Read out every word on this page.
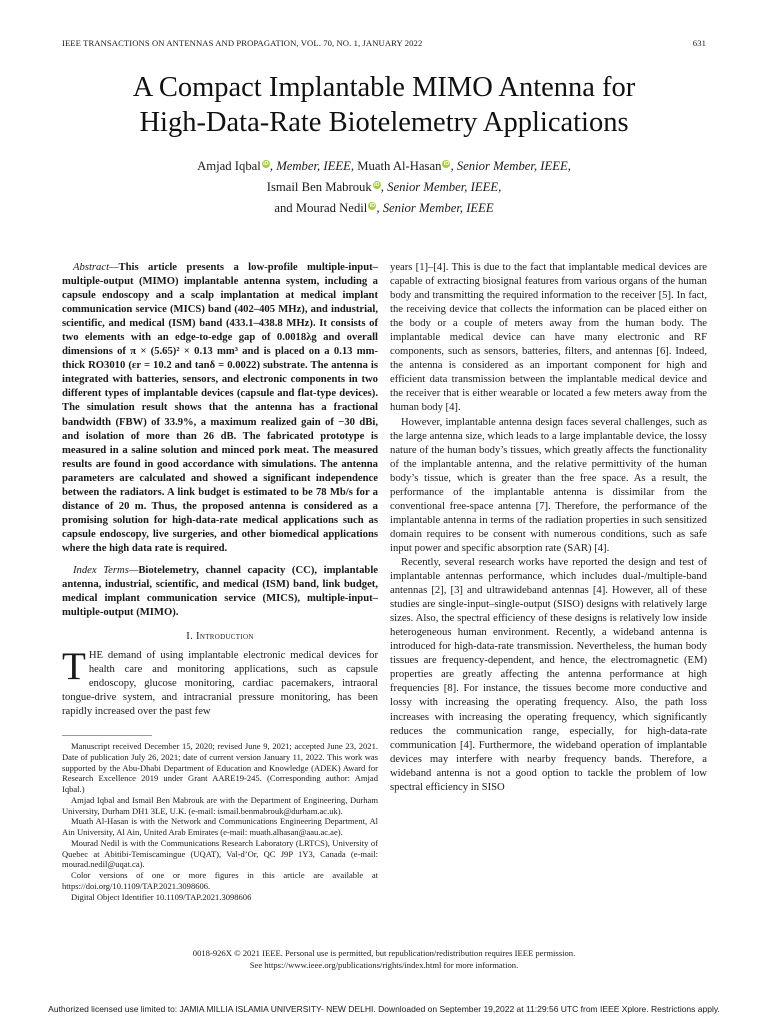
IEEE TRANSACTIONS ON ANTENNAS AND PROPAGATION, VOL. 70, NO. 1, JANUARY 2022	631
A Compact Implantable MIMO Antenna for
High-Data-Rate Biotelemetry Applications
Amjad Iqbal iD, Member, IEEE, Muath Al-Hasan iD, Senior Member, IEEE,
Ismail Ben Mabrouk iD, Senior Member, IEEE,
and Mourad Nedil iD, Senior Member, IEEE

Abstract—This article presents a low-profile multiple-input–multiple-output (MIMO) implantable antenna system, including a capsule endoscopy and a scalp implantation at medical implant communication service (MICS) band (402–405 MHz), and industrial, scientific, and medical (ISM) band (433.1–438.8 MHz). It consists of two elements with an edge-to-edge gap of 0.0018λg and overall dimensions of π × (5.65)² × 0.13 mm³ and is placed on a 0.13 mm-thick RO3010 (εr = 10.2 and tanδ = 0.0022) substrate. The antenna is integrated with batteries, sensors, and electronic components in two different types of implantable devices (capsule and flat-type devices). The simulation result shows that the antenna has a fractional bandwidth (FBW) of 33.9%, a maximum realized gain of −30 dBi, and isolation of more than 26 dB. The fabricated prototype is measured in a saline solution and minced pork meat. The measured results are found in good accordance with simulations. The antenna parameters are calculated and showed a significant independence between the radiators. A link budget is estimated to be 78 Mb/s for a distance of 20 m. Thus, the proposed antenna is considered as a promising solution for high-data-rate medical applications such as capsule endoscopy, live surgeries, and other biomedical applications where the high data rate is required.

Index Terms—Biotelemetry, channel capacity (CC), implantable antenna, industrial, scientific, and medical (ISM) band, link budget, medical implant communication service (MICS), multiple-input–multiple-output (MIMO).

I. Introduction

THE demand of using implantable electronic medical devices for health care and monitoring applications, such as capsule endoscopy, glucose monitoring, cardiac pacemakers, intraoral tongue-drive system, and intracranial pressure monitoring, has been rapidly increased over the past few

Manuscript received December 15, 2020; revised June 9, 2021; accepted June 23, 2021. Date of publication July 26, 2021; date of current version January 11, 2022. This work was supported by the Abu-Dhabi Department of Education and Knowledge (ADEK) Award for Research Excellence 2019 under Grant AARE19-245. (Corresponding author: Amjad Iqbal.)

Amjad Iqbal and Ismail Ben Mabrouk are with the Department of Engineering, Durham University, Durham DH1 3LE, U.K. (e-mail: ismail.benmabrouk@durham.ac.uk).

Muath Al-Hasan is with the Network and Communications Engineering Department, Al Ain University, Al Ain, United Arab Emirates (e-mail: muath.alhasan@aau.ac.ae).

Mourad Nedil is with the Communications Research Laboratory (LRTCS), University of Quebec at Abitibi-Temiscamingue (UQAT), Val-d’Or, QC J9P 1Y3, Canada (e-mail: mourad.nedil@uqat.ca).

Color versions of one or more figures in this article are available at https://doi.org/10.1109/TAP.2021.3098606.

Digital Object Identifier 10.1109/TAP.2021.3098606

years [1]–[4]. This is due to the fact that implantable medical devices are capable of extracting biosignal features from various organs of the human body and transmitting the required information to the receiver [5]. In fact, the receiving device that collects the information can be placed either on the body or a couple of meters away from the human body. The implantable medical device can have many electronic and RF components, such as sensors, batteries, filters, and antennas [6]. Indeed, the antenna is considered as an important component for high and efficient data transmission between the implantable medical device and the receiver that is either wearable or located a few meters away from the human body [4].

However, implantable antenna design faces several challenges, such as the large antenna size, which leads to a large implantable device, the lossy nature of the human body’s tissues, which greatly affects the functionality of the implantable antenna, and the relative permittivity of the human body’s tissue, which is greater than the free space. As a result, the performance of the implantable antenna is dissimilar from the conventional free-space antenna [7]. Therefore, the performance of the implantable antenna in terms of the radiation properties in such sensitized domain requires to be consent with numerous conditions, such as safe input power and specific absorption rate (SAR) [4].

Recently, several research works have reported the design and test of implantable antennas performance, which includes dual-/multiple-band antennas [2], [3] and ultrawideband antennas [4]. However, all of these studies are single-input–single-output (SISO) designs with relatively large sizes. Also, the spectral efficiency of these designs is relatively low inside heterogeneous human environment. Recently, a wideband antenna is introduced for high-data-rate transmission. Nevertheless, the human body tissues are frequency-dependent, and hence, the electromagnetic (EM) properties are greatly affecting the antenna performance at high frequencies [8]. For instance, the tissues become more conductive and lossy with increasing the operating frequency. Also, the path loss increases with increasing the operating frequency, which significantly reduces the communication range, especially, for high-data-rate communication [4]. Furthermore, the wideband operation of implantable devices may interfere with nearby frequency bands. Therefore, a wideband antenna is not a good option to tackle the problem of low spectral efficiency in SISO

0018-926X © 2021 IEEE. Personal use is permitted, but republication/redistribution requires IEEE permission.
See https://www.ieee.org/publications/rights/index.html for more information.
Authorized licensed use limited to: JAMIA MILLIA ISLAMIA UNIVERSITY- NEW DELHI. Downloaded on September 19,2022 at 11:29:56 UTC from IEEE Xplore. Restrictions apply.
